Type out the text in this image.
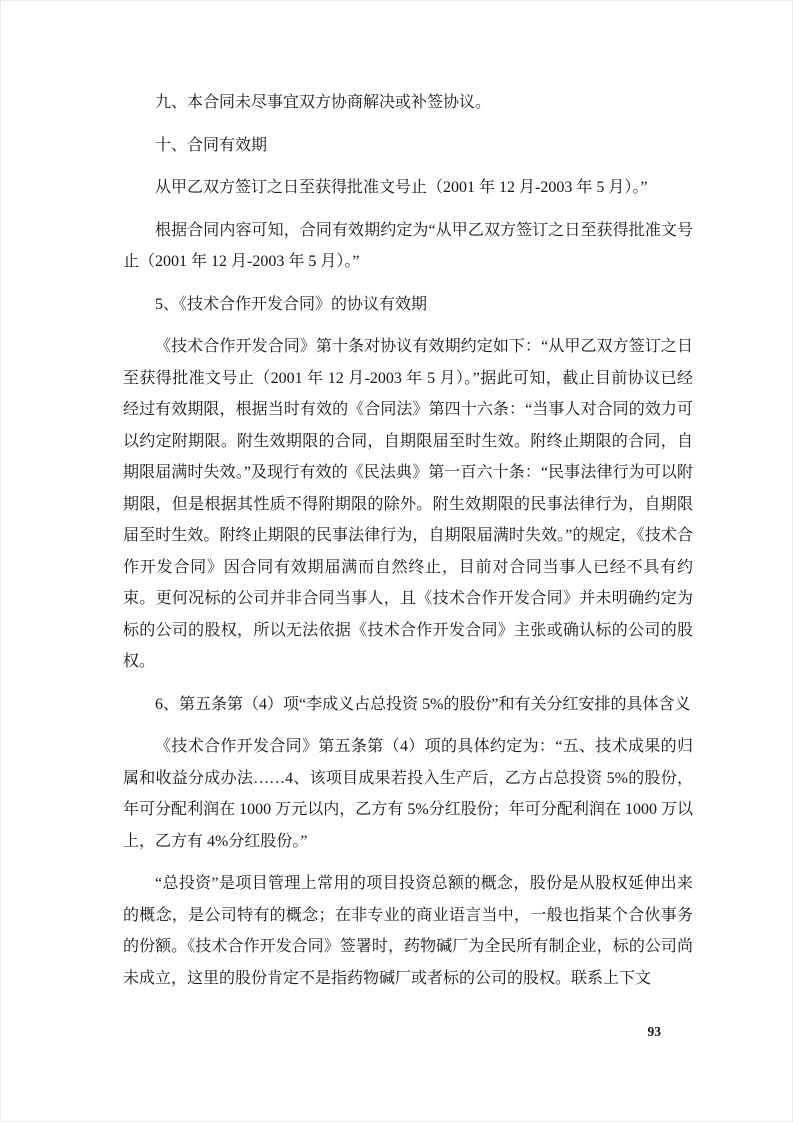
九、本合同未尽事宜双方协商解决或补签协议。

十、合同有效期

从甲乙双方签订之日至获得批准文号止（2001 年 12 月-2003 年 5 月）。”

根据合同内容可知，合同有效期约定为“从甲乙双方签订之日至获得批准文号止（2001 年 12 月-2003 年 5 月）。”

5、《技术合作开发合同》的协议有效期

《技术合作开发合同》第十条对协议有效期约定如下：“从甲乙双方签订之日至获得批准文号止（2001 年 12 月-2003 年 5 月）。”据此可知，截止目前协议已经经过有效期限，根据当时有效的《合同法》第四十六条：“当事人对合同的效力可以约定附期限。附生效期限的合同，自期限届至时生效。附终止期限的合同，自期限届满时失效。”及现行有效的《民法典》第一百六十条：“民事法律行为可以附期限，但是根据其性质不得附期限的除外。附生效期限的民事法律行为，自期限届至时生效。附终止期限的民事法律行为，自期限届满时失效。”的规定，《技术合作开发合同》因合同有效期届满而自然终止，目前对合同当事人已经不具有约束。更何况标的公司并非合同当事人，且《技术合作开发合同》并未明确约定为标的公司的股权，所以无法依据《技术合作开发合同》主张或确认标的公司的股权。

6、第五条第（4）项“李成义占总投资 5%的股份”和有关分红安排的具体含义

《技术合作开发合同》第五条第（4）项的具体约定为：“五、技术成果的归属和收益分成办法……4、该项目成果若投入生产后，乙方占总投资 5%的股份，年可分配利润在 1000 万元以内，乙方有 5%分红股份；年可分配利润在 1000 万以上，乙方有 4%分红股份。”

“总投资”是项目管理上常用的项目投资总额的概念，股份是从股权延伸出来的概念，是公司特有的概念；在非专业的商业语言当中，一般也指某个合伙事务的份额。《技术合作开发合同》签署时，药物碱厂为全民所有制企业，标的公司尚未成立，这里的股份肯定不是指药物碱厂或者标的公司的股权。联系上下文

93
